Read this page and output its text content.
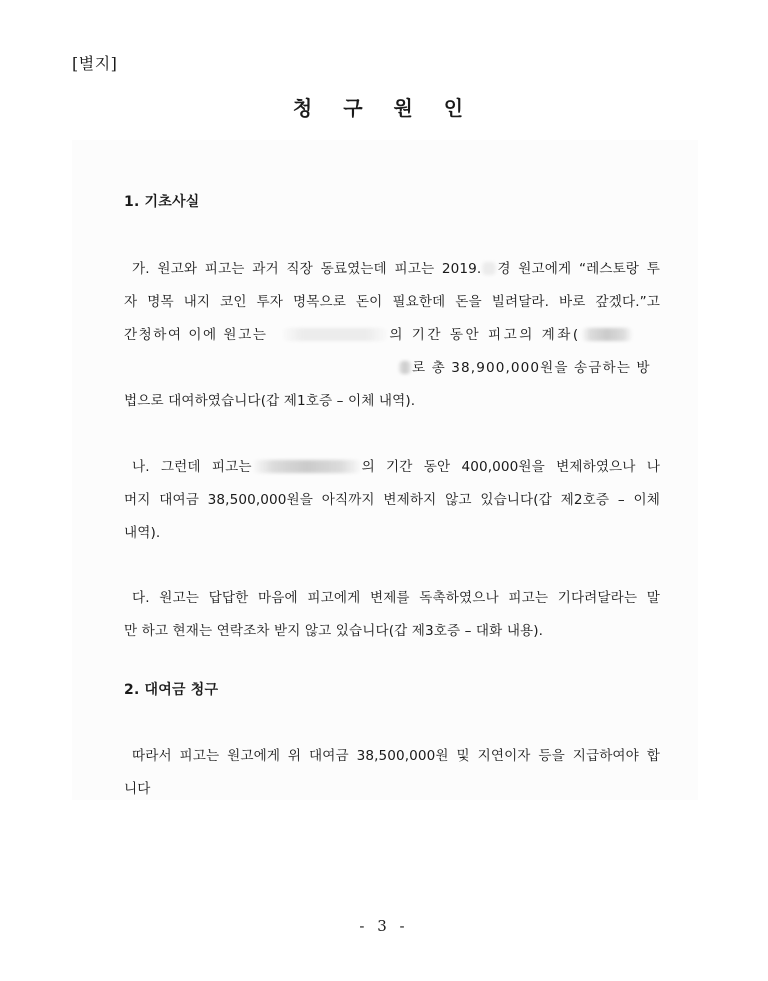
[별지]
청 구 원 인
1. 기초사실
가. 원고와 피고는 과거 직장 동료였는데 피고는 2019. 경 원고에게 “레스토랑 투
자 명목 내지 코인 투자 명목으로 돈이 필요한데 돈을 빌려달라. 바로 갚겠다.”고
간청하여 이에 원고는	의 기간 동안 피고의 계좌(
로 총 38,900,000원을 송금하는 방
법으로 대여하였습니다(갑 제1호증 – 이체 내역).
나. 그런데 피고는	의 기간 동안 400,000원을 변제하였으나 나
머지 대여금 38,500,000원을 아직까지 변제하지 않고 있습니다(갑 제2호증 – 이체
내역).
다. 원고는 답답한 마음에 피고에게 변제를 독촉하였으나 피고는 기다려달라는 말
만 하고 현재는 연락조차 받지 않고 있습니다(갑 제3호증 – 대화 내용).
2. 대여금 청구
따라서 피고는 원고에게 위 대여금 38,500,000원 및 지연이자 등을 지급하여야 합
니다
- 3 -
